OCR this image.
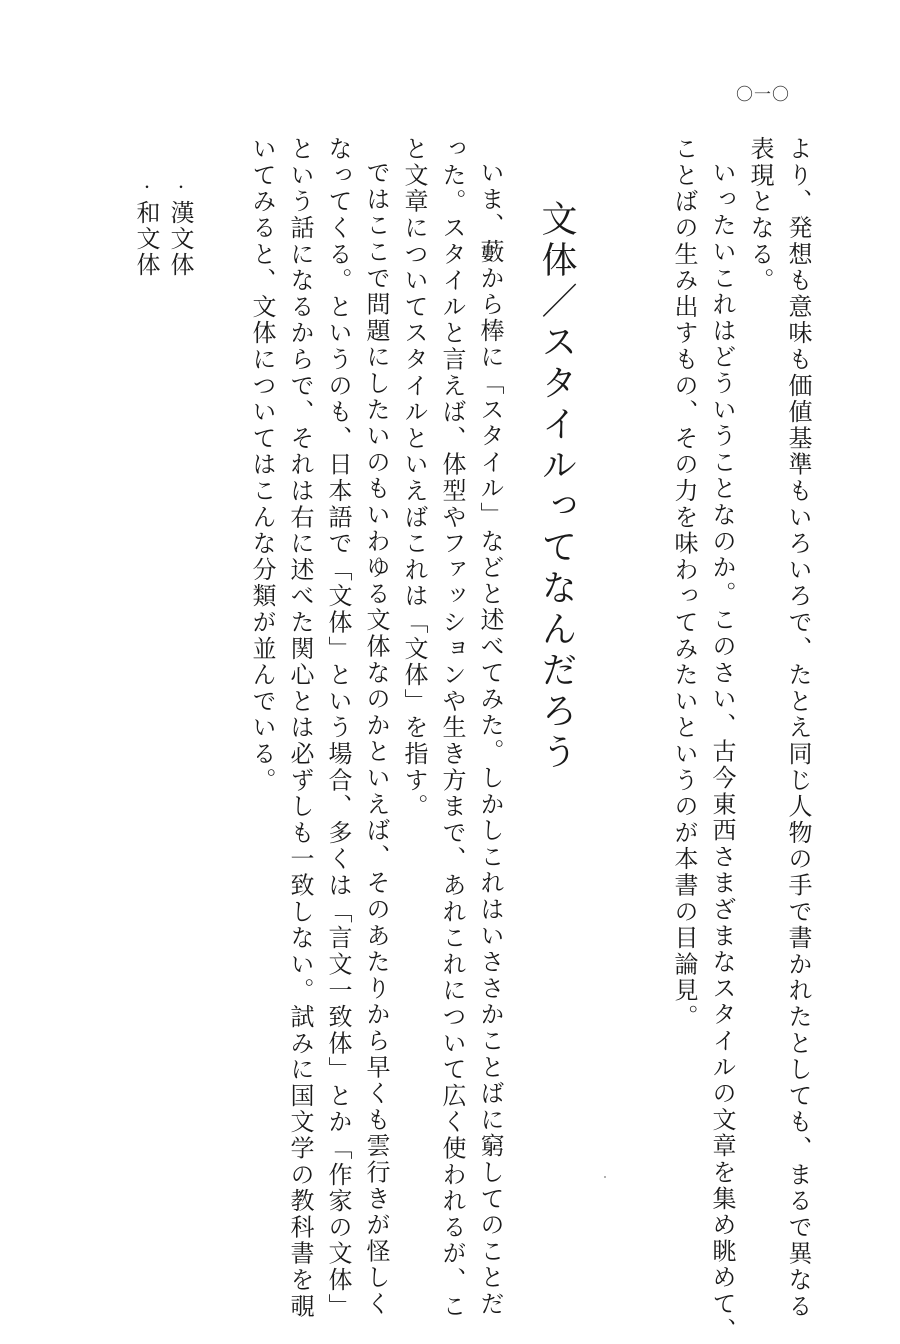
〇一〇
より、発想も意味も価値基準もいろいろで、たとえ同じ人物の手で書かれたとしても、まるで異なる
表現となる。
いったいこれはどういうことなのか。このさい、古今東西さまざまなスタイルの文章を集め眺めて、
ことばの生み出すもの、その力を味わってみたいというのが本書の目論見。
文体／スタイルってなんだろう
いま、藪から棒に「スタイル」などと述べてみた。しかしこれはいささかことばに窮してのことだ
った。スタイルと言えば、体型やファッションや生き方まで、あれこれについて広く使われるが、こ
と文章についてスタイルといえばこれは「文体」を指す。
ではここで問題にしたいのもいわゆる文体なのかといえば、そのあたりから早くも雲行きが怪しく
なってくる。というのも、日本語で「文体」という場合、多くは「言文一致体」とか「作家の文体」
という話になるからで、それは右に述べた関心とは必ずしも一致しない。試みに国文学の教科書を覗
いてみると、文体についてはこんな分類が並んでいる。
・漢文体
・和文体
